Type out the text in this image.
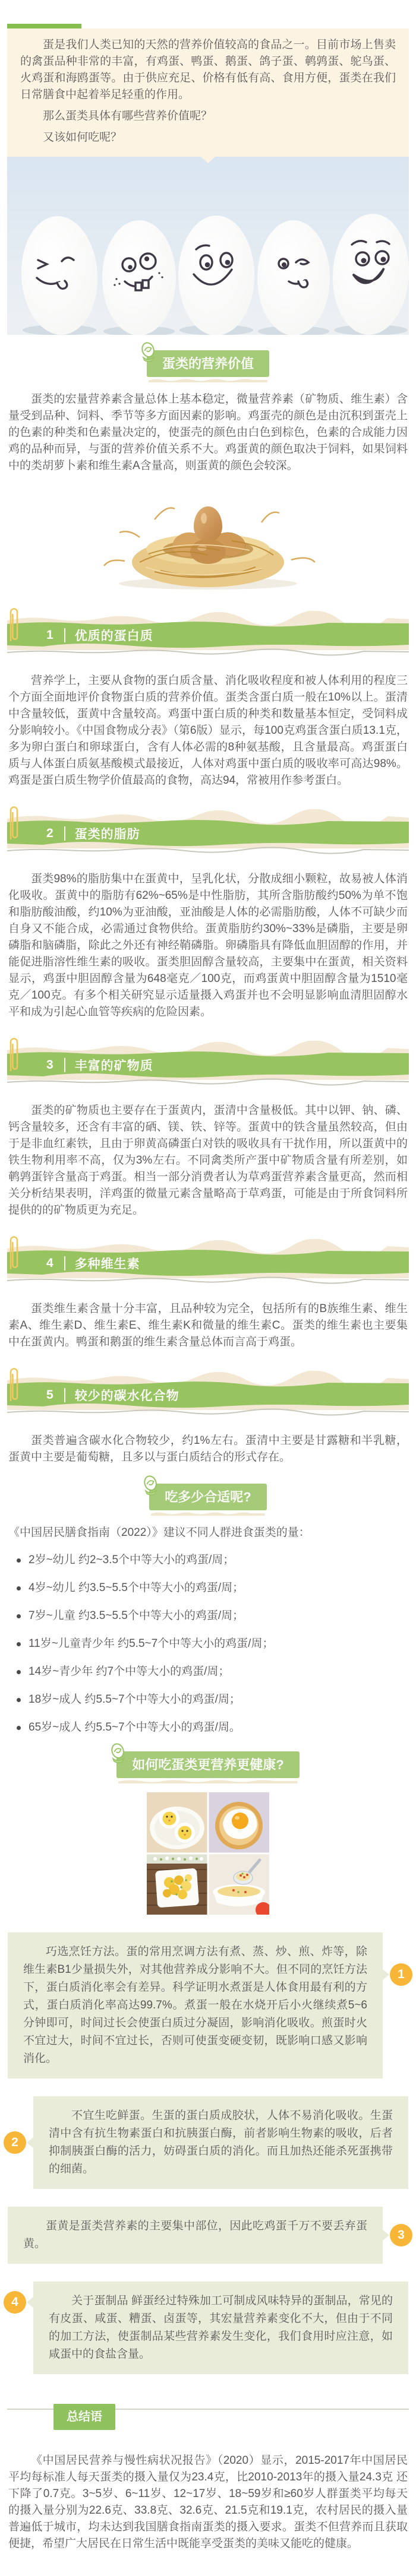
蛋是我们人类已知的天然的营养价值较高的食品之一。目前市场上售卖的禽蛋品种非常的丰富，有鸡蛋、鸭蛋、鹅蛋、鸽子蛋、鹌鹑蛋、鸵鸟蛋、火鸡蛋和海鸥蛋等。由于供应充足、价格有低有高、食用方便，蛋类在我们日常膳食中起着举足轻重的作用。

那么蛋类具体有哪些营养价值呢？

又该如何吃呢？

蛋类的营养价值

蛋类的宏量营养素含量总体上基本稳定，微量营养素（矿物质、维生素）含量受到品种、饲料、季节等多方面因素的影响。鸡蛋壳的颜色是由沉积到蛋壳上的色素的种类和色素量决定的，使蛋壳的颜色由白色到棕色，色素的合成能力因鸡的品种而异，与蛋的营养价值关系不大。鸡蛋黄的颜色取决于饲料，如果饲料中的类胡萝卜素和维生素A含量高，则蛋黄的颜色会较深。

1 优质的蛋白质

营养学上，主要从食物的蛋白质含量、消化吸收程度和被人体利用的程度三个方面全面地评价食物蛋白质的营养价值。蛋类含蛋白质一般在10%以上。蛋清中含量较低，蛋黄中含量较高。鸡蛋中蛋白质的种类和数量基本恒定，受饲料成分影响较小。《中国食物成分表》（第6版）显示，每100克鸡蛋含蛋白质13.1克，多为卵白蛋白和卵球蛋白，含有人体必需的8种氨基酸，且含量最高。鸡蛋蛋白质与人体蛋白质氨基酸模式最接近，人体对鸡蛋中蛋白质的吸收率可高达98%。鸡蛋是蛋白质生物学价值最高的食物，高达94，常被用作参考蛋白。

2 蛋类的脂肪

蛋类98%的脂肪集中在蛋黄中，呈乳化状，分散成细小颗粒，故易被人体消化吸收。蛋黄中的脂肪有62%~65%是中性脂肪，其所含脂肪酸约50%为单不饱和脂肪酸油酸，约10%为亚油酸，亚油酸是人体的必需脂肪酸，人体不可缺少而自身又不能合成，必需通过食物供给。蛋黄脂肪约30%~33%是磷脂，主要是卵磷脂和脑磷脂，除此之外还有神经鞘磷脂。卵磷脂具有降低血胆固醇的作用，并能促进脂溶性维生素的吸收。蛋类胆固醇含量较高，主要集中在蛋黄，相关资料显示，鸡蛋中胆固醇含量为648毫克／100克，而鸡蛋黄中胆固醇含量为1510毫克／100克。有多个相关研究显示适量摄入鸡蛋并也不会明显影响血清胆固醇水平和成为引起心血管等疾病的危险因素。

3 丰富的矿物质

蛋类的矿物质也主要存在于蛋黄内，蛋清中含量极低。其中以钾、钠、磷、钙含量较多，还含有丰富的硒、镁、铁、锌等。蛋黄中的铁含量虽然较高，但由于是非血红素铁，且由于卵黄高磷蛋白对铁的吸收具有干扰作用，所以蛋黄中的铁生物利用率不高，仅为3%左右。不同禽类所产蛋中矿物质含量有所差别，如鹌鹑蛋锌含量高于鸡蛋。相当一部分消费者认为草鸡蛋营养素含量更高，然而相关分析结果表明，洋鸡蛋的微量元素含量略高于草鸡蛋，可能是由于所食饲料所提供的的矿物质更为充足。

4 多种维生素

蛋类维生素含量十分丰富，且品种较为完全，包括所有的B族维生素、维生素A、维生素D、维生素E、维生素K和微量的维生素C。蛋类的维生素也主要集中在蛋黄内。鸭蛋和鹅蛋的维生素含量总体而言高于鸡蛋。

5 较少的碳水化合物

蛋类普遍含碳水化合物较少，约1%左右。蛋清中主要是甘露糖和半乳糖，蛋黄中主要是葡萄糖，且多以与蛋白质结合的形式存在。

吃多少合适呢?

《中国居民膳食指南（2022）》建议不同人群进食蛋类的量：

2岁~幼儿 约2~3.5个中等大小的鸡蛋/周；
4岁~幼儿 约3.5~5.5个中等大小的鸡蛋/周；
7岁~儿童 约3.5~5.5个中等大小的鸡蛋/周；
11岁~儿童青少年 约5.5~7个中等大小的鸡蛋/周；
14岁~青少年 约7个中等大小的鸡蛋/周；
18岁~成人 约5.5~7个中等大小的鸡蛋/周；
65岁~成人 约5.5~7个中等大小的鸡蛋/周。
如何吃蛋类更营养更健康?

巧选烹饪方法。蛋的常用烹调方法有煮、蒸、炒、煎、炸等，除维生素B1少量损失外，对其他营养成分影响不大。但不同的烹饪方法下，蛋白质消化率会有差异。科学证明水煮蛋是人体食用最有利的方式，蛋白质消化率高达99.7%。煮蛋一般在水烧开后小火继续煮5~6分钟即可，时间过长会使蛋白质过分凝固，影响消化吸收。煎蛋时火不宜过大，时间不宜过长，否则可使蛋变硬变韧，既影响口感又影响消化。

1

不宜生吃鲜蛋。生蛋的蛋白质成胶状，人体不易消化吸收。生蛋清中含有抗生物素蛋白和抗胰蛋白酶，前者影响生物素的吸收，后者抑制胰蛋白酶的活力，妨碍蛋白质的消化。而且加热还能杀死蛋携带的细菌。

2

蛋黄是蛋类营养素的主要集中部位，因此吃鸡蛋千万不要丢弃蛋黄。

3

关于蛋制品 鲜蛋经过特殊加工可制成风味特异的蛋制品，常见的有皮蛋、咸蛋、糟蛋、卤蛋等，其宏量营养素变化不大，但由于不同的加工方法，使蛋制品某些营养素发生变化，我们食用时应注意，如咸蛋中的食盐含量。

4
总结语

《中国居民营养与慢性病状况报告》（2020）显示，2015-2017年中国居民平均每标准人每天蛋类的摄入量仅为23.4克，比2010-2013年的摄入量24.3克 还下降了0.7克。3~5岁、6~11岁、12~17岁、18~59岁和≥60岁人群蛋类平均每天的摄入量分别为22.6克、33.8克、32.6克、21.5克和19.1克，农村居民的摄入量普遍低于城市，均未达到我国膳食指南蛋类的摄入要求。蛋类不但营养而且获取便捷，希望广大居民在日常生活中既能享受蛋类的美味又能吃的健康。
